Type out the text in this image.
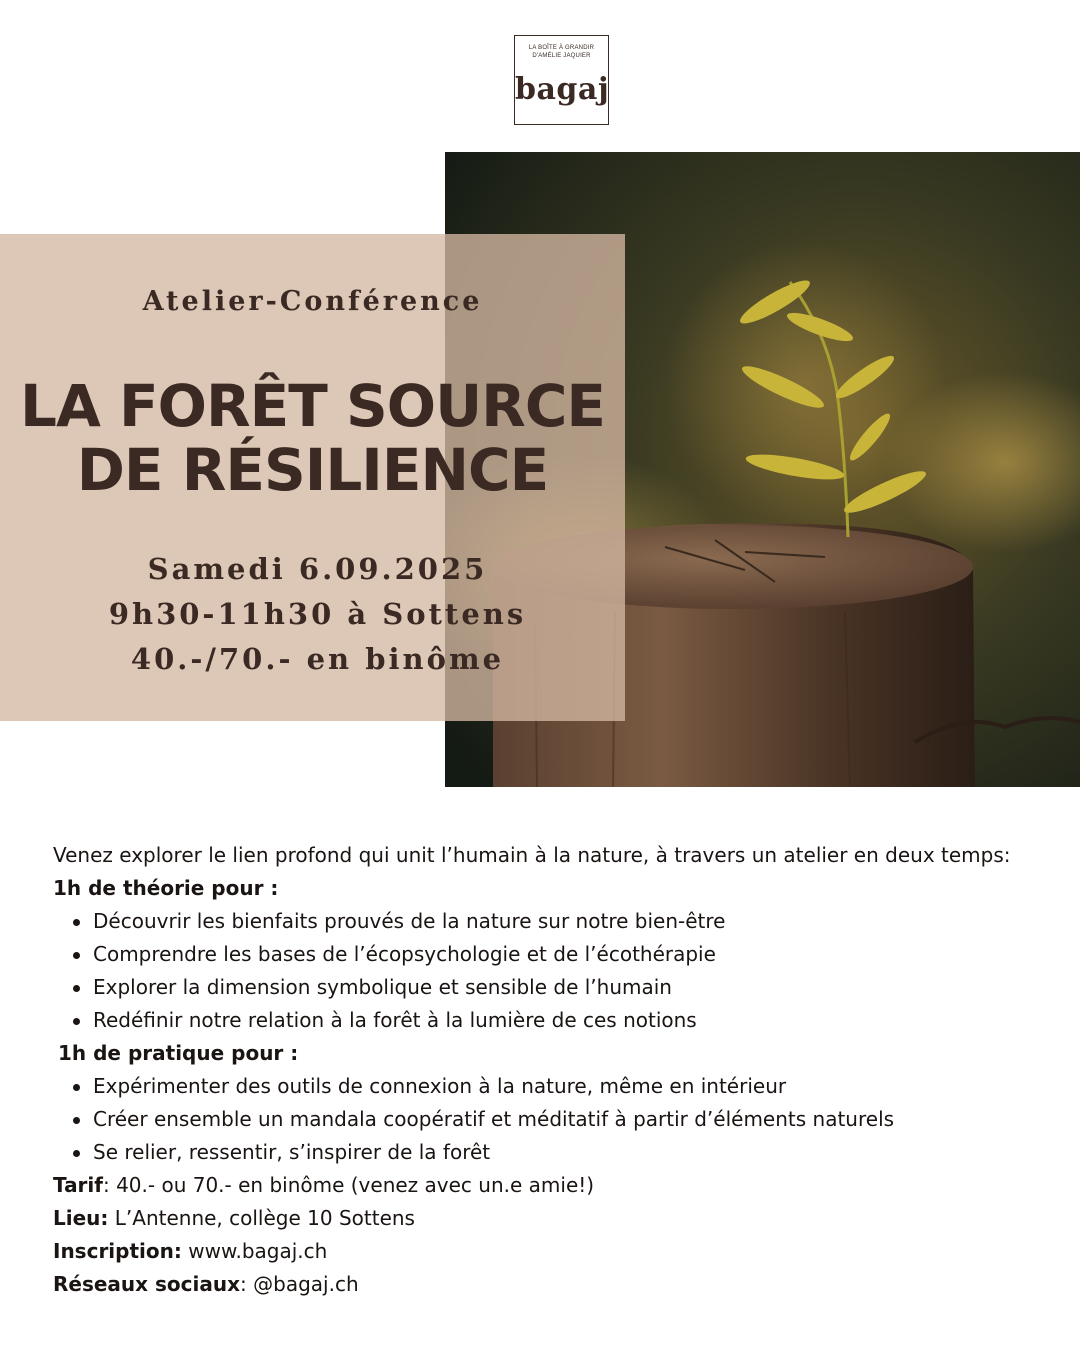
LA BOÎTE À GRANDIR
D'AMÉLIE JAQUIER
bagaj
Atelier-Conférence
LA FORÊT SOURCE
DE RÉSILIENCE
Samedi 6.09.2025
9h30-11h30 à Sottens
40.-/70.- en binôme

Venez explorer le lien profond qui unit l’humain à la nature, à travers un atelier en deux temps:

1h de théorie pour :

Découvrir les bienfaits prouvés de la nature sur notre bien-être
Comprendre les bases de l’écopsychologie et de l’écothérapie
Explorer la dimension symbolique et sensible de l’humain
Redéfinir notre relation à la forêt à la lumière de ces notions

1h de pratique pour :

Expérimenter des outils de connexion à la nature, même en intérieur
Créer ensemble un mandala coopératif et méditatif à partir d’éléments naturels
Se relier, ressentir, s’inspirer de la forêt

Tarif: 40.- ou 70.- en binôme (venez avec un.e amie!)

Lieu: L’Antenne, collège 10 Sottens

Inscription: www.bagaj.ch

Réseaux sociaux: @bagaj.ch
